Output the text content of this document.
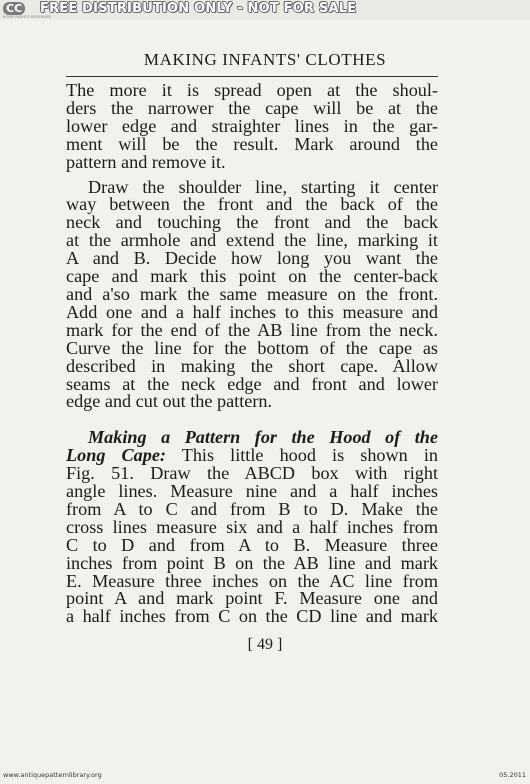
CC
SOME RIGHTS RESERVED
FREE DISTRIBUTION ONLY - NOT FOR SALE
MAKING INFANTS' CLOTHES

The more it is spread open at the shoul-
ders the narrower the cape will be at the
lower edge and straighter lines in the gar-
ment will be the result. Mark around the
pattern and remove it.

Draw the shoulder line, starting it center
way between the front and the back of the
neck and touching the front and the back
at the armhole and extend the line, marking it
A and B. Decide how long you want the
cape and mark this point on the center-back
and a'so mark the same measure on the front.
Add one and a half inches to this measure and
mark for the end of the AB line from the neck.
Curve the line for the bottom of the cape as
described in making the short cape. Allow
seams at the neck edge and front and lower
edge and cut out the pattern.

Making a Pattern for the Hood of the
Long Cape: This little hood is shown in
Fig. 51. Draw the ABCD box with right
angle lines. Measure nine and a half inches
from A to C and from B to D. Make the
cross lines measure six and a half inches from
C to D and from A to B. Measure three
inches from point B on the AB line and mark
E. Measure three inches on the AC line from
point A and mark point F. Measure one and
a half inches from C on the CD line and mark

[ 49 ]
www.antiquepatternlibrary.org	05.2011
